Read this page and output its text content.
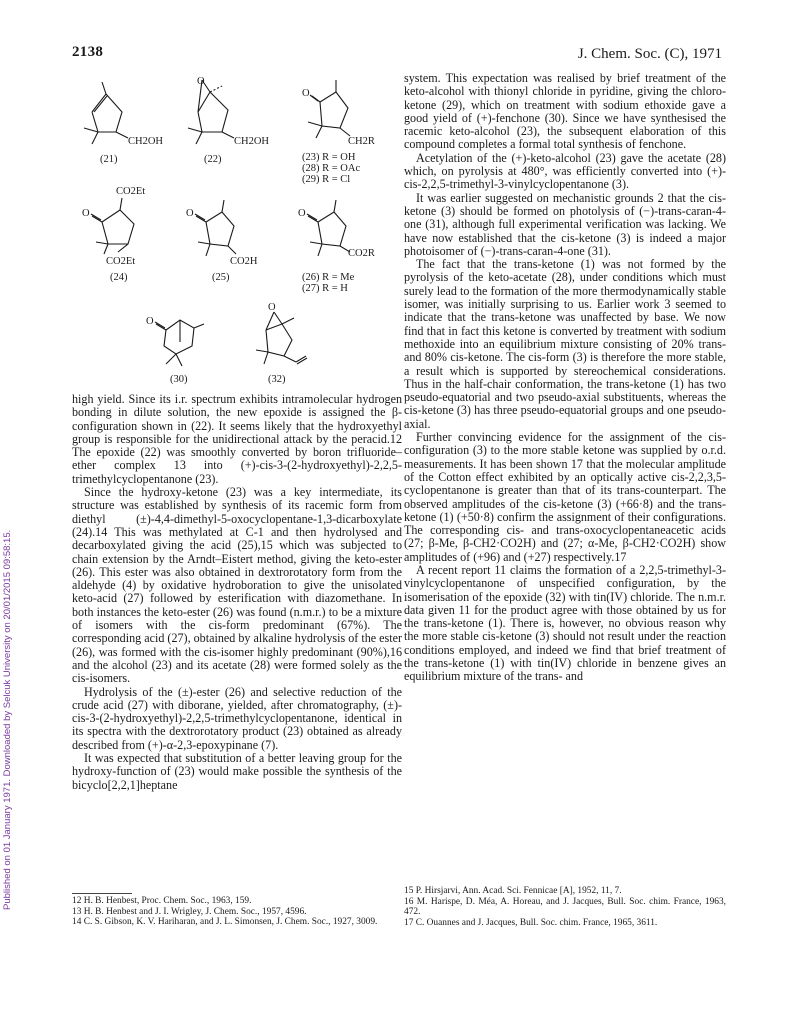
2138	J. Chem. Soc. (C), 1971
Published on 01 January 1971. Downloaded by Selcuk University on 20/01/2015 09:58:15.
CH2OH	CH2OH
O
CH2R
O
CO2Et
O
CO2Et
O
CO2H
O
CO2R
O
O
(21)	(22)	(23) R = OH
(28) R = OAc
(29) R = Cl
(24)	(25)	(26) R = Me
(27) R = H
(30)	(32)

high yield. Since its i.r. spectrum exhibits intramolecular hydrogen bonding in dilute solution, the new epoxide is assigned the β-configuration shown in (22). It seems likely that the hydroxyethyl group is responsible for the unidirectional attack by the peracid.12 The epoxide (22) was smoothly converted by boron trifluoride–ether complex 13 into (+)-cis-3-(2-hydroxyethyl)-2,2,5-trimethylcyclopentanone (23).

Since the hydroxy-ketone (23) was a key intermediate, its structure was established by synthesis of its racemic form from diethyl (±)-4,4-dimethyl-5-oxocyclopentane-1,3-dicarboxylate (24).14 This was methylated at C-1 and then hydrolysed and decarboxylated giving the acid (25),15 which was subjected to chain extension by the Arndt–Eistert method, giving the keto-ester (26). This ester was also obtained in dextrorotatory form from the aldehyde (4) by oxidative hydroboration to give the unisolated keto-acid (27) followed by esterification with diazomethane. In both instances the keto-ester (26) was found (n.m.r.) to be a mixture of isomers with the cis-form predominant (67%). The corresponding acid (27), obtained by alkaline hydrolysis of the ester (26), was formed with the cis-isomer highly predominant (90%),16 and the alcohol (23) and its acetate (28) were formed solely as the cis-isomers.

Hydrolysis of the (±)-ester (26) and selective reduction of the crude acid (27) with diborane, yielded, after chromatography, (±)-cis-3-(2-hydroxyethyl)-2,2,5-trimethylcyclopentanone, identical in its spectra with the dextrorotatory product (23) obtained as already described from (+)-α-2,3-epoxypinane (7).

It was expected that substitution of a better leaving group for the hydroxy-function of (23) would make possible the synthesis of the bicyclo[2,2,1]heptane

12 H. B. Henbest, Proc. Chem. Soc., 1963, 159.

13 H. B. Henbest and J. I. Wrigley, J. Chem. Soc., 1957, 4596.

14 C. S. Gibson, K. V. Hariharan, and J. L. Simonsen, J. Chem. Soc., 1927, 3009.

system. This expectation was realised by brief treatment of the keto-alcohol with thionyl chloride in pyridine, giving the chloro-ketone (29), which on treatment with sodium ethoxide gave a good yield of (+)-fenchone (30). Since we have synthesised the racemic keto-alcohol (23), the subsequent elaboration of this compound completes a formal total synthesis of fenchone.

Acetylation of the (+)-keto-alcohol (23) gave the acetate (28) which, on pyrolysis at 480°, was efficiently converted into (+)-cis-2,2,5-trimethyl-3-vinylcyclopentanone (3).

It was earlier suggested on mechanistic grounds 2 that the cis-ketone (3) should be formed on photolysis of (−)-trans-caran-4-one (31), although full experimental verification was lacking. We have now established that the cis-ketone (3) is indeed a major photoisomer of (−)-trans-caran-4-one (31).

The fact that the trans-ketone (1) was not formed by the pyrolysis of the keto-acetate (28), under conditions which must surely lead to the formation of the more thermodynamically stable isomer, was initially surprising to us. Earlier work 3 seemed to indicate that the trans-ketone was unaffected by base. We now find that in fact this ketone is converted by treatment with sodium methoxide into an equilibrium mixture consisting of 20% trans- and 80% cis-ketone. The cis-form (3) is therefore the more stable, a result which is supported by stereochemical considerations. Thus in the half-chair conformation, the trans-ketone (1) has two pseudo-equatorial and two pseudo-axial substituents, whereas the cis-ketone (3) has three pseudo-equatorial groups and one pseudo-axial.

Further convincing evidence for the assignment of the cis-configuration (3) to the more stable ketone was supplied by o.r.d. measurements. It has been shown 17 that the molecular amplitude of the Cotton effect exhibited by an optically active cis-2,2,3,5-cyclopentanone is greater than that of its trans-counterpart. The observed amplitudes of the cis-ketone (3) (+66·8) and the trans-ketone (1) (+50·8) confirm the assignment of their configurations. The corresponding cis- and trans-oxocyclopentaneacetic acids (27; β-Me, β-CH2·CO2H) and (27; α-Me, β-CH2·CO2H) show amplitudes of (+96) and (+27) respectively.17

A recent report 11 claims the formation of a 2,2,5-trimethyl-3-vinylcyclopentanone of unspecified configuration, by the isomerisation of the epoxide (32) with tin(IV) chloride. The n.m.r. data given 11 for the product agree with those obtained by us for the trans-ketone (1). There is, however, no obvious reason why the more stable cis-ketone (3) should not result under the reaction conditions employed, and indeed we find that brief treatment of the trans-ketone (1) with tin(IV) chloride in benzene gives an equilibrium mixture of the trans- and

15 P. Hirsjarvi, Ann. Acad. Sci. Fennicae [A], 1952, 11, 7.

16 M. Harispe, D. Méa, A. Horeau, and J. Jacques, Bull. Soc. chim. France, 1963, 472.

17 C. Ouannes and J. Jacques, Bull. Soc. chim. France, 1965, 3611.
